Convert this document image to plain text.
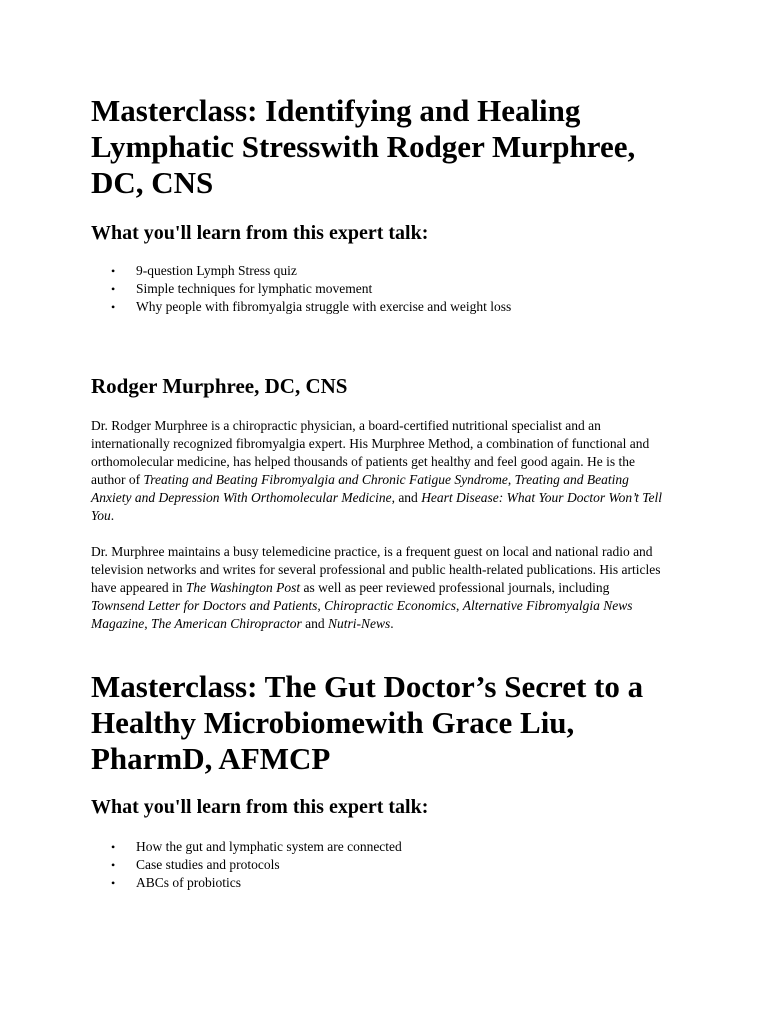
Masterclass: Identifying and Healing Lymphatic Stresswith Rodger Murphree, DC, CNS
What you'll learn from this expert talk:
• 9-question Lymph Stress quiz
• Simple techniques for lymphatic movement
• Why people with fibromyalgia struggle with exercise and weight loss
Rodger Murphree, DC, CNS

Dr. Rodger Murphree is a chiropractic physician, a board-certified nutritional specialist and an internationally recognized fibromyalgia expert. His Murphree Method, a combination of functional and orthomolecular medicine, has helped thousands of patients get healthy and feel good again. He is the author of Treating and Beating Fibromyalgia and Chronic Fatigue Syndrome, Treating and Beating Anxiety and Depression With Orthomolecular Medicine, and Heart Disease: What Your Doctor Won’t Tell You.

Dr. Murphree maintains a busy telemedicine practice, is a frequent guest on local and national radio and television networks and writes for several professional and public health-related publications. His articles have appeared in The Washington Post as well as peer reviewed professional journals, including Townsend Letter for Doctors and Patients, Chiropractic Economics, Alternative Fibromyalgia News Magazine, The American Chiropractor and Nutri-News.

Masterclass: The Gut Doctor’s Secret to a Healthy Microbiomewith Grace Liu, PharmD, AFMCP
What you'll learn from this expert talk:
• How the gut and lymphatic system are connected
• Case studies and protocols
• ABCs of probiotics
